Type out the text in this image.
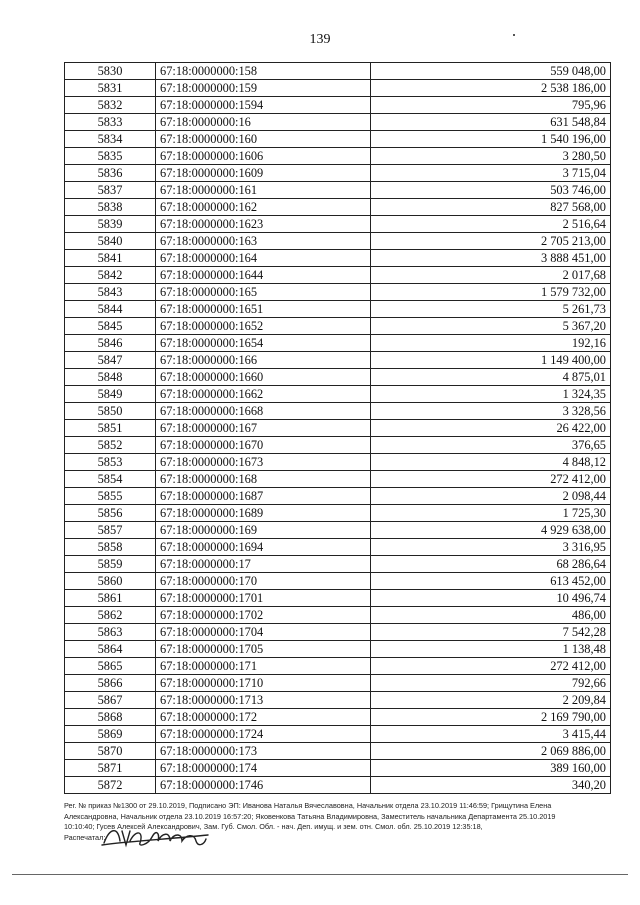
139
5830	67:18:0000000:158	559 048,00
5831	67:18:0000000:159	2 538 186,00
5832	67:18:0000000:1594	795,96
5833	67:18:0000000:16	631 548,84
5834	67:18:0000000:160	1 540 196,00
5835	67:18:0000000:1606	3 280,50
5836	67:18:0000000:1609	3 715,04
5837	67:18:0000000:161	503 746,00
5838	67:18:0000000:162	827 568,00
5839	67:18:0000000:1623	2 516,64
5840	67:18:0000000:163	2 705 213,00
5841	67:18:0000000:164	3 888 451,00
5842	67:18:0000000:1644	2 017,68
5843	67:18:0000000:165	1 579 732,00
5844	67:18:0000000:1651	5 261,73
5845	67:18:0000000:1652	5 367,20
5846	67:18:0000000:1654	192,16
5847	67:18:0000000:166	1 149 400,00
5848	67:18:0000000:1660	4 875,01
5849	67:18:0000000:1662	1 324,35
5850	67:18:0000000:1668	3 328,56
5851	67:18:0000000:167	26 422,00
5852	67:18:0000000:1670	376,65
5853	67:18:0000000:1673	4 848,12
5854	67:18:0000000:168	272 412,00
5855	67:18:0000000:1687	2 098,44
5856	67:18:0000000:1689	1 725,30
5857	67:18:0000000:169	4 929 638,00
5858	67:18:0000000:1694	3 316,95
5859	67:18:0000000:17	68 286,64
5860	67:18:0000000:170	613 452,00
5861	67:18:0000000:1701	10 496,74
5862	67:18:0000000:1702	486,00
5863	67:18:0000000:1704	7 542,28
5864	67:18:0000000:1705	1 138,48
5865	67:18:0000000:171	272 412,00
5866	67:18:0000000:1710	792,66
5867	67:18:0000000:1713	2 209,84
5868	67:18:0000000:172	2 169 790,00
5869	67:18:0000000:1724	3 415,44
5870	67:18:0000000:173	2 069 886,00
5871	67:18:0000000:174	389 160,00
5872	67:18:0000000:1746	340,20
Рег. № приказ №1300 от 29.10.2019, Подписано ЭП: Иванова Наталья Вячеславовна, Начальник отдела 23.10.2019 11:46:59; Грищутина Елена
Александровна, Начальник отдела 23.10.2019 16:57:20; Яковенкова Татьяна Владимировна, Заместитель начальника Департамента 25.10.2019
10:10:40; Гусев Алексей Александрович, Зам. Губ. Смол. Обл. - нач. Деп. имущ. и зем. отн. Смол. обл. 25.10.2019 12:35:18,
Распечатал:
